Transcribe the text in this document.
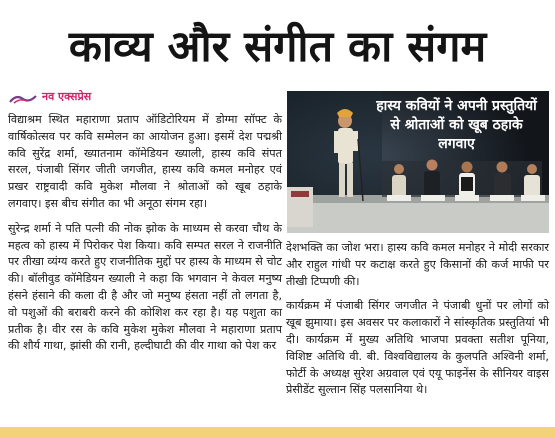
काव्य और संगीत का संगम
नव एक्सप्रेस

विद्याश्रम स्थित महाराणा प्रताप ऑडिटोरियम में डोग्मा सॉफ्ट के वार्षिकोत्सव पर कवि सम्मेलन का आयोजन हुआ। इसमें देश पद्मश्री कवि सुरेंद्र शर्मा, ख्यातनाम कॉमेडियन ख्याली, हास्य कवि संपत सरल, पंजाबी सिंगर जीती जगजीत, हास्य कवि कमल मनोहर एवं प्रखर राष्ट्रवादी कवि मुकेश मौलवा ने श्रोताओं को खूब ठहाके लगवाए। इस बीच संगीत का भी अनूठा संगम रहा।

सुरेन्द्र शर्मा ने पति पत्नी की नोक झोक के माध्यम से करवा चौथ के महत्व को हास्य में पिरोकर पेश किया। कवि सम्पत सरल ने राजनीति पर तीखा व्यंग्य करते हुए राजनीतिक मुद्दों पर हास्य के माध्यम से चोट की। बॉलीवुड कॉमेडियन ख्याली ने कहा कि भगवान ने केवल मनुष्य हंसने हंसाने की कला दी है और जो मनुष्य हंसता नहीं तो लगता है, वो पशुओं की बराबरी करने की कोशिश कर रहा है। यह पशुता का प्रतीक है। वीर रस के कवि मुकेश मुकेश मौलवा ने महाराणा प्रताप की शौर्य गाथा, झांसी की रानी, हल्दीघाटी की वीर गाथा को पेश कर

हास्य कवियों ने अपनी प्रस्तुतियों से श्रोताओं को खूब ठहाके लगवाए

देशभक्ति का जोश भरा। हास्य कवि कमल मनोहर ने मोदी सरकार और राहुल गांधी पर कटाक्ष करते हुए किसानों की कर्ज माफी पर तीखी टिप्पणी की।

कार्यक्रम में पंजाबी सिंगर जगजीत ने पंजाबी धुनों पर लोगों को खूब झुमाया। इस अवसर पर कलाकारों ने सांस्कृतिक प्रस्तुतियां भी दी। कार्यक्रम में मुख्य अतिथि भाजपा प्रवक्ता सतीश पूनिया, विशिष्ट अतिथि वी. बी. विश्वविद्यालय के कुलपति अश्विनी शर्मा, फोर्टी के अध्यक्ष सुरेश अग्रवाल एवं एयू फाइनेंस के सीनियर वाइस प्रेसीडेंट सुल्तान सिंह पलसानिया थे।
